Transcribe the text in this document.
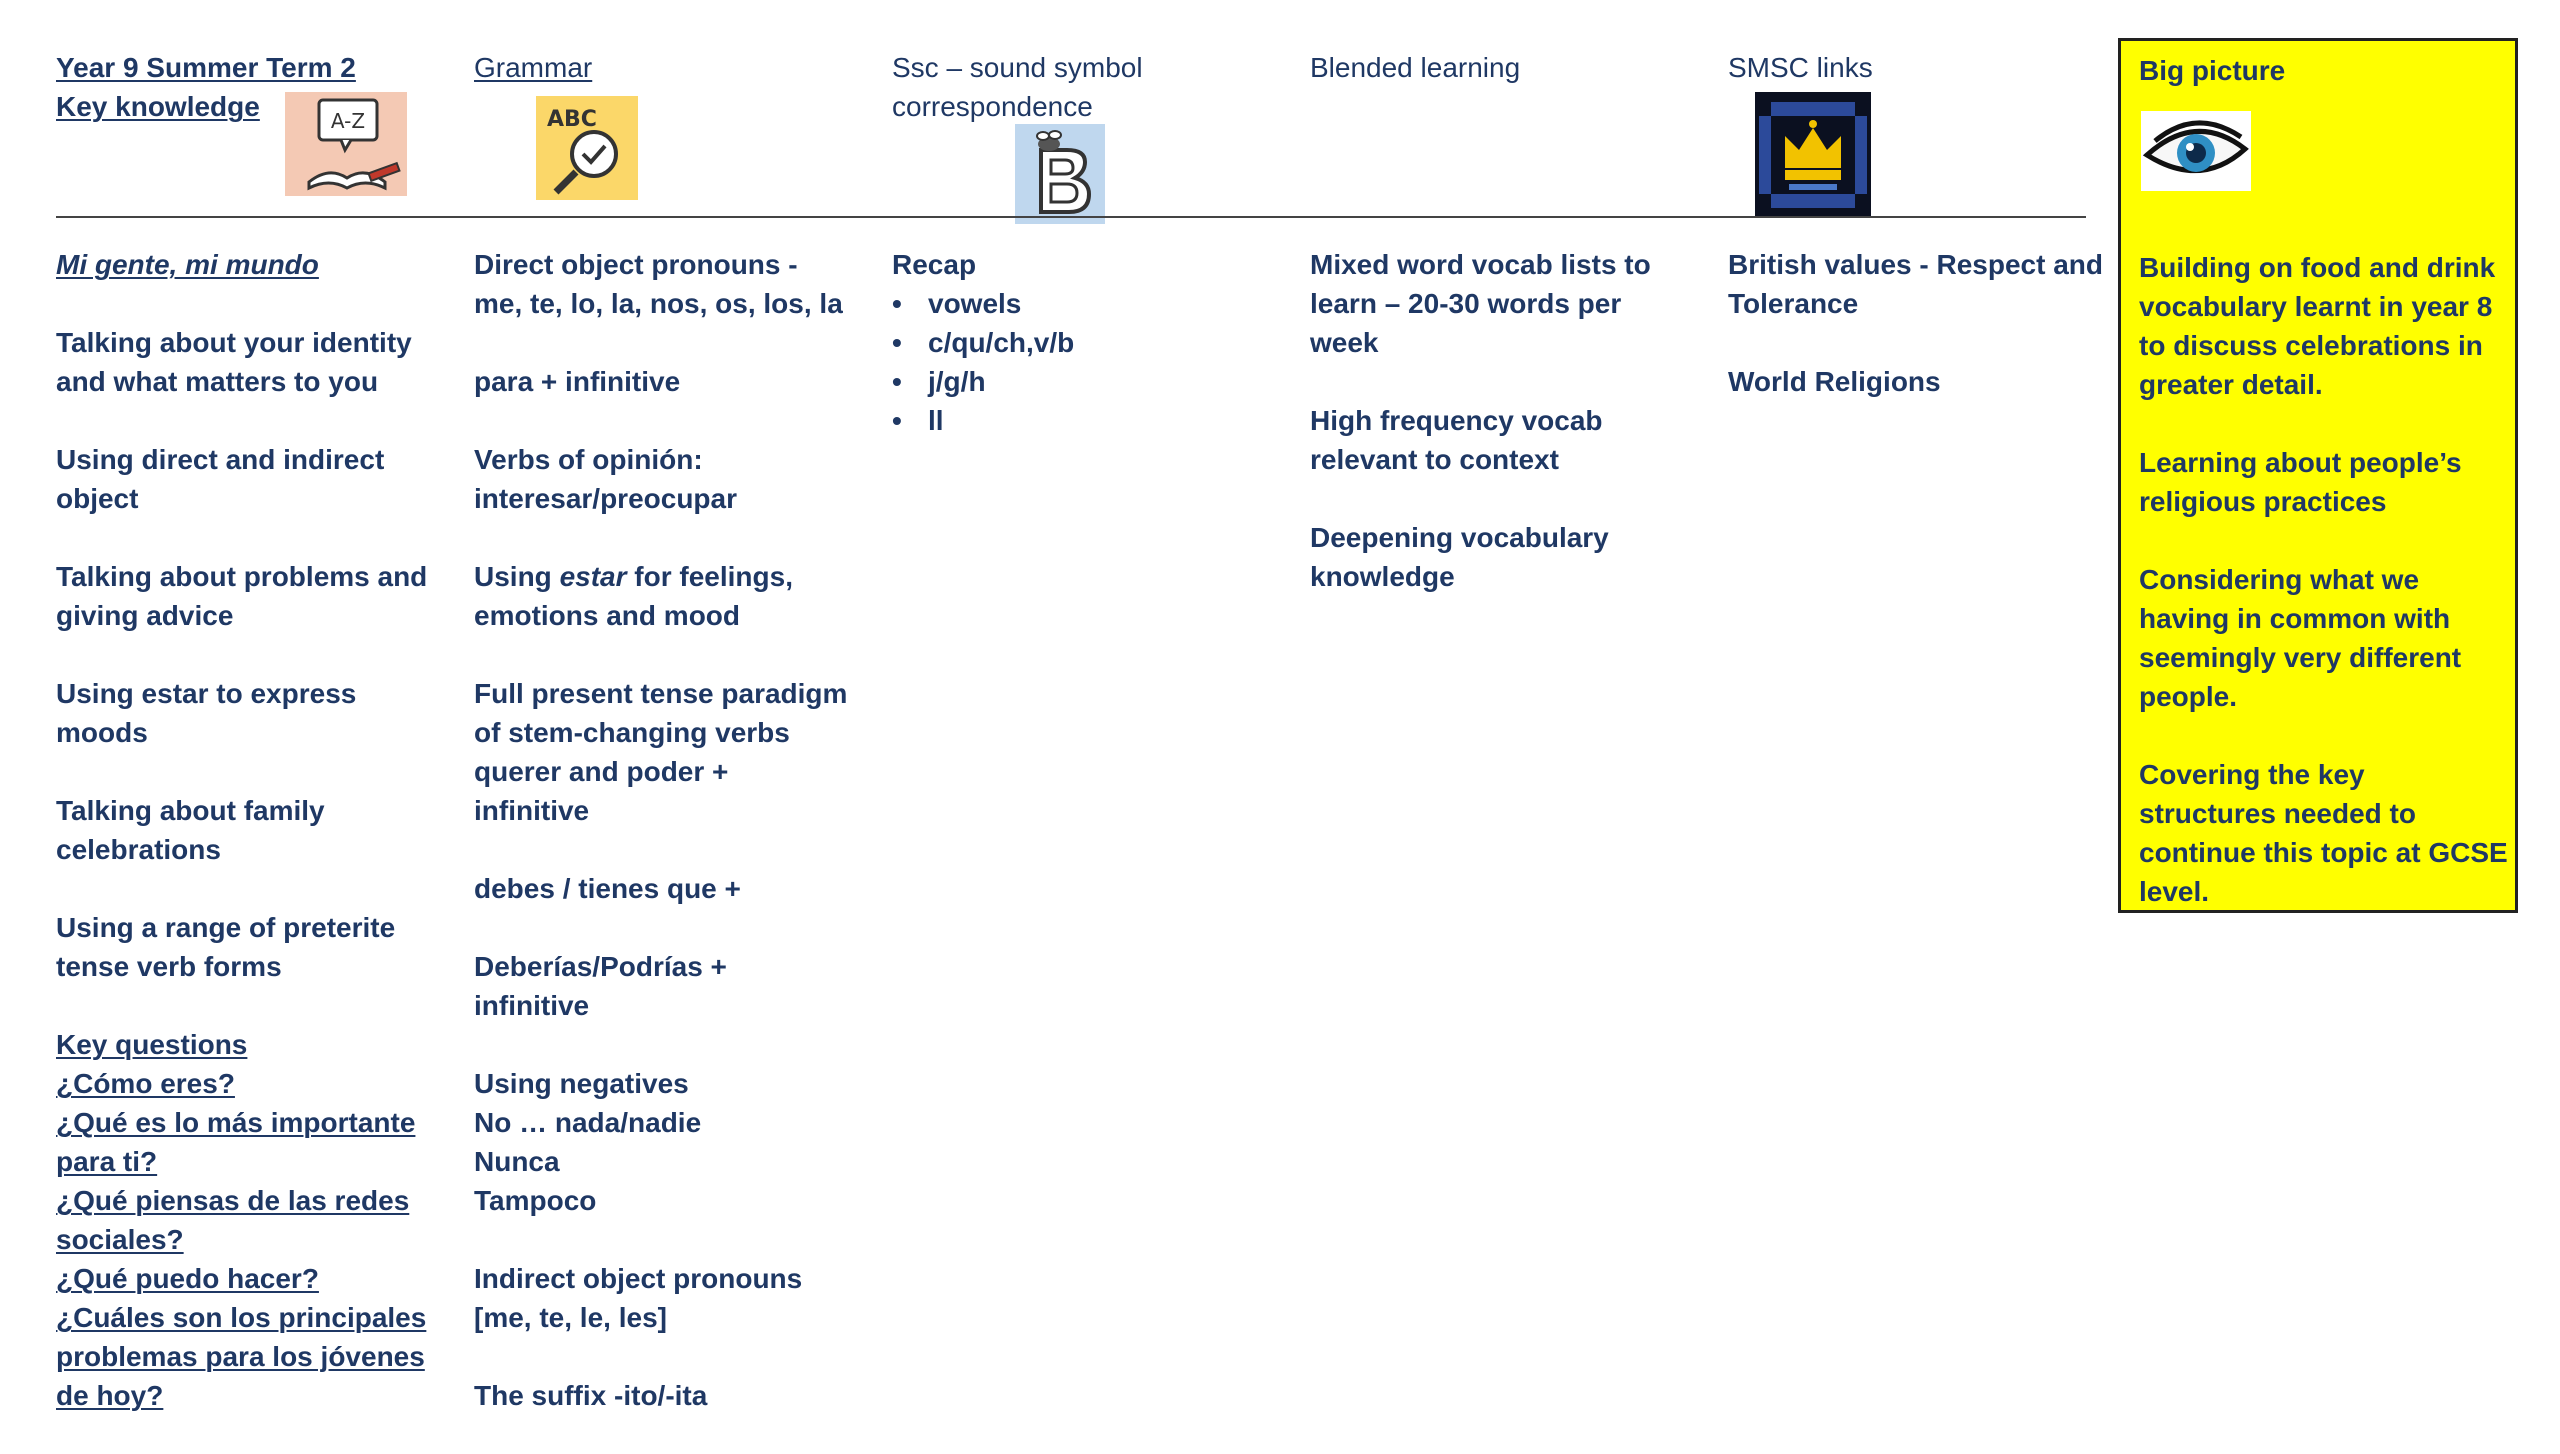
Year 9 Summer Term 2
Key knowledge	A-Z
Mi gente, mi mundo
Talking about your identity
and what matters to you
Using direct and indirect
object
Talking about problems and
giving advice
Using estar to express
moods
Talking about family
celebrations
Using a range of preterite
tense verb forms
Key questions
¿Cómo eres?
¿Qué es lo más importante
para ti?
¿Qué piensas de las redes
sociales?
¿Qué puedo hacer?
¿Cuáles son los principales
problemas para los jóvenes
de hoy?
Grammar
ABC
Direct object pronouns -
me, te, lo, la, nos, os, los, la
para + infinitive
Verbs of opinión:
interesar/preocupar
Using estar for feelings,
emotions and mood
Full present tense paradigm
of stem-changing verbs
querer and poder +
infinitive
debes / tienes que +
Deberías/Podrías +
infinitive
Using negatives
No … nada/nadie
Nunca
Tampoco
Indirect object pronouns
[me, te, le, les]
The suffix -ito/-ita
Ssc – sound symbol
correspondence
Recap
• vowels
• c/qu/ch,v/b
• j/g/h
• ll
Blended learning
Mixed word vocab lists to
learn – 20-30 words per
week
High frequency vocab
relevant to context
Deepening vocabulary
knowledge
SMSC links
British values - Respect and
Tolerance
World Religions
Big picture
Building on food and drink
vocabulary learnt in year 8
to discuss celebrations in
greater detail.
Learning about people’s
religious practices
Considering what we
having in common with
seemingly very different
people.
Covering the key
structures needed to
continue this topic at GCSE
level.
